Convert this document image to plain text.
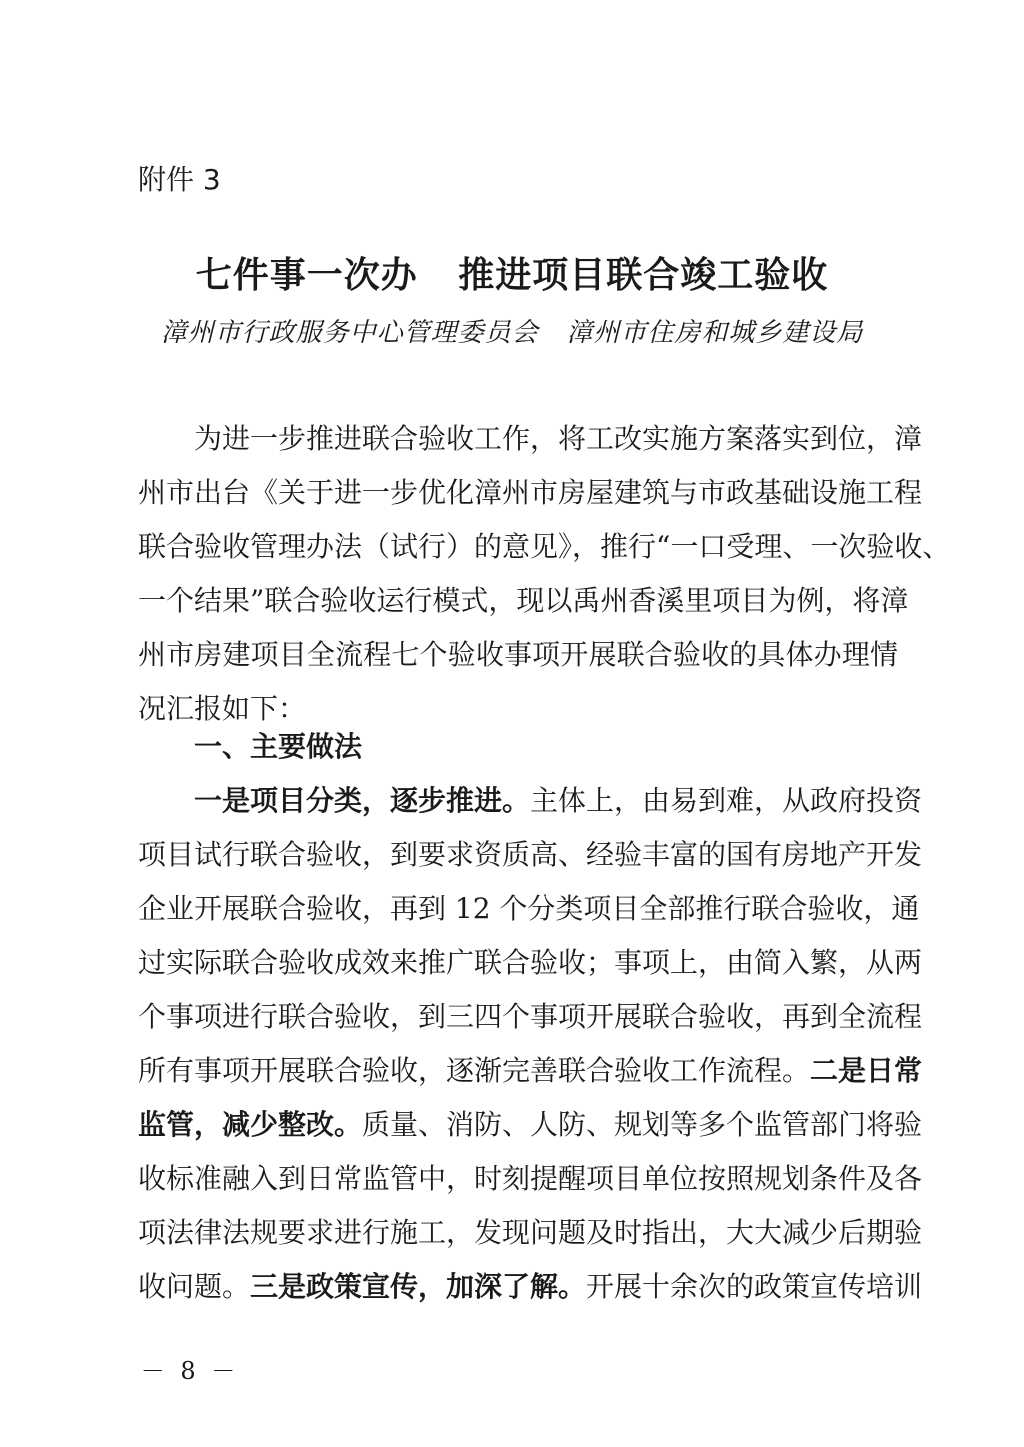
附件 3
七件事一次办   推进项目联合竣工验收
漳州市行政服务中心管理委员会   漳州市住房和城乡建设局
为进一步推进联合验收工作，将工改实施方案落实到位，漳
州市出台《关于进一步优化漳州市房屋建筑与市政基础设施工程
联合验收管理办法（试行）的意见》，推行“一口受理、一次验收、
一个结果”联合验收运行模式，现以禹州香溪里项目为例，将漳
州市房建项目全流程七个验收事项开展联合验收的具体办理情
况汇报如下：
一、主要做法
一是项目分类，逐步推进。主体上，由易到难，从政府投资
项目试行联合验收，到要求资质高、经验丰富的国有房地产开发
企业开展联合验收，再到 12 个分类项目全部推行联合验收，通
过实际联合验收成效来推广联合验收；事项上，由简入繁，从两
个事项进行联合验收，到三四个事项开展联合验收，再到全流程
所有事项开展联合验收，逐渐完善联合验收工作流程。二是日常
监管，减少整改。质量、消防、人防、规划等多个监管部门将验
收标准融入到日常监管中，时刻提醒项目单位按照规划条件及各
项法律法规要求进行施工，发现问题及时指出，大大减少后期验
收问题。三是政策宣传，加深了解。开展十余次的政策宣传培训
－ 8 －
